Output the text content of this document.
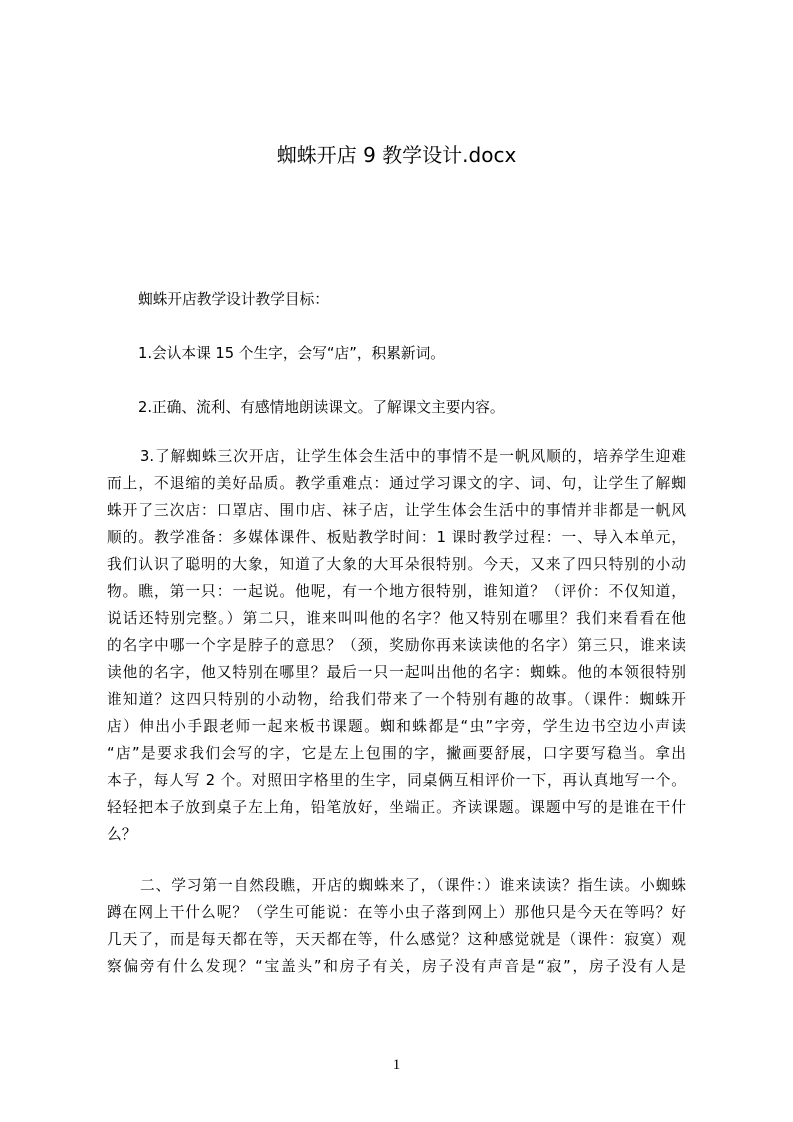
蜘蛛开店 9 教学设计.docx
蜘蛛开店教学设计教学目标：
1.会认本课 15 个生字，会写“店”，积累新词。
2.正确、流利、有感情地朗读课文。了解课文主要内容。
3.了解蜘蛛三次开店，让学生体会生活中的事情不是一帆风顺的，培养学生迎难
而上，不退缩的美好品质。教学重难点：通过学习课文的字、词、句，让学生了解蜘
蛛开了三次店：口罩店、围巾店、袜子店，让学生体会生活中的事情并非都是一帆风
顺的。教学准备：多媒体课件、板贴教学时间：1 课时教学过程：一、导入本单元，
我们认识了聪明的大象，知道了大象的大耳朵很特别。今天，又来了四只特别的小动
物。瞧，第一只：一起说。他呢，有一个地方很特别，谁知道？（评价：不仅知道，
说话还特别完整。）第二只，谁来叫叫他的名字？他又特别在哪里？我们来看看在他
的名字中哪一个字是脖子的意思？（颈，奖励你再来读读他的名字）第三只，谁来读
读他的名字，他又特别在哪里？最后一只一起叫出他的名字：蜘蛛。他的本领很特别
谁知道？这四只特别的小动物，给我们带来了一个特别有趣的故事。（课件：蜘蛛开
店）伸出小手跟老师一起来板书课题。蜘和蛛都是“虫”字旁，学生边书空边小声读
“店”是要求我们会写的字，它是左上包围的字，撇画要舒展，口字要写稳当。拿出
本子，每人写 2 个。对照田字格里的生字，同桌俩互相评价一下，再认真地写一个。
轻轻把本子放到桌子左上角，铅笔放好，坐端正。齐读课题。课题中写的是谁在干什
么？
二、学习第一自然段瞧，开店的蜘蛛来了，（课件：）谁来读读？指生读。小蜘蛛
蹲在网上干什么呢？（学生可能说：在等小虫子落到网上）那他只是今天在等吗？好
几天了，而是每天都在等，天天都在等，什么感觉？这种感觉就是（课件：寂寞）观
察偏旁有什么发现？“宝盖头”和房子有关，房子没有声音是“寂”，房子没有人是
1
